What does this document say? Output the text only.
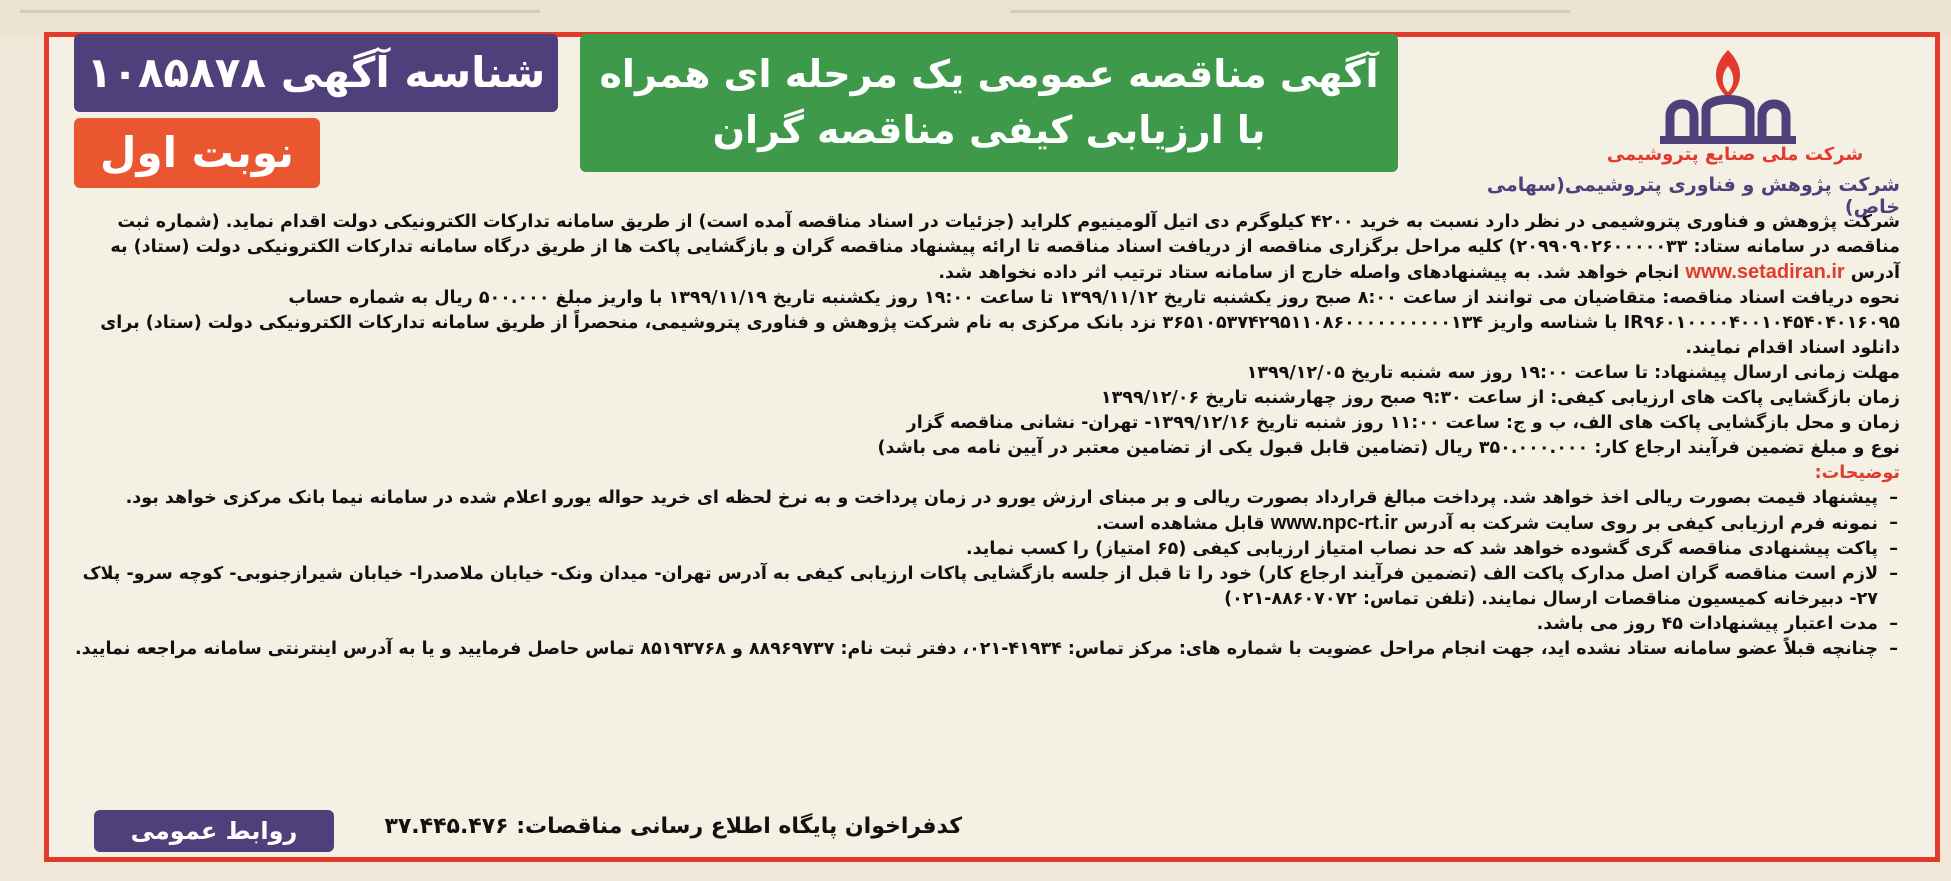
آگهی مناقصه عمومی یک مرحله ای همراه
با ارزیابی کیفی مناقصه گران
شناسه آگهی ۱۰۸۵۸۷۸
نوبت اول	شرکت ملی صنایع پتروشیمی
شرکت پژوهش و فناوری پتروشیمی(سهامی خاص)

شرکت پژوهش و فناوری پتروشیمی در نظر دارد نسبت به خرید ۴۲۰۰ کیلوگرم دی اتیل آلومینیوم کلراید (جزئیات در اسناد مناقصه آمده است) از طریق سامانه تدارکات الکترونیکی دولت اقدام نماید. (شماره ثبت مناقصه در سامانه ستاد: ۲۰۹۹۰۹۰۲۶۰۰۰۰۰۳۳) کلیه مراحل برگزاری مناقصه از دریافت اسناد مناقصه تا ارائه پیشنهاد مناقصه گران و بازگشایی پاکت ها از طریق درگاه سامانه تدارکات الکترونیکی دولت (ستاد) به آدرس www.setadiran.ir انجام خواهد شد. به پیشنهادهای واصله خارج از سامانه ستاد ترتیب اثر داده نخواهد شد.

نحوه دریافت اسناد مناقصه: متقاضیان می توانند از ساعت ۸:۰۰ صبح روز یکشنبه تاریخ ۱۳۹۹/۱۱/۱۲ تا ساعت ۱۹:۰۰ روز یکشنبه تاریخ ۱۳۹۹/۱۱/۱۹ با واریز مبلغ ۵۰۰.۰۰۰ ریال به شماره حساب IR۹۶۰۱۰۰۰۰۴۰۰۱۰۴۵۴۰۴۰۱۶۰۹۵ با شناسه واریز ۳۶۵۱۰۵۳۷۴۲۹۵۱۱۰۸۶۰۰۰۰۰۰۰۰۰۰۱۳۴ نزد بانک مرکزی به نام شرکت پژوهش و فناوری پتروشیمی، منحصراً از طریق سامانه تدارکات الکترونیکی دولت (ستاد) برای دانلود اسناد اقدام نمایند.

مهلت زمانی ارسال پیشنهاد: تا ساعت ۱۹:۰۰ روز سه شنبه تاریخ ۱۳۹۹/۱۲/۰۵

زمان بازگشایی پاکت های ارزیابی کیفی: از ساعت ۹:۳۰ صبح روز چهارشنبه تاریخ ۱۳۹۹/۱۲/۰۶

زمان و محل بازگشایی پاکت های الف، ب و ج: ساعت ۱۱:۰۰ روز شنبه تاریخ ۱۳۹۹/۱۲/۱۶- تهران- نشانی مناقصه گزار

نوع و مبلغ تضمین فرآیند ارجاع کار: ۳۵۰.۰۰۰.۰۰۰ ریال (تضامین قابل قبول یکی از تضامین معتبر در آیین نامه می باشد)

توضیحات:

– پیشنهاد قیمت بصورت ریالی اخذ خواهد شد. پرداخت مبالغ قرارداد بصورت ریالی و بر مبنای ارزش یورو در زمان پرداخت و به نرخ لحظه ای خرید حواله یورو اعلام شده در سامانه نیما بانک مرکزی خواهد بود.
– نمونه فرم ارزیابی کیفی بر روی سایت شرکت به آدرس www.npc-rt.ir قابل مشاهده است.
– پاکت پیشنهادی مناقصه گری گشوده خواهد شد که حد نصاب امتیاز ارزیابی کیفی (۶۵ امتیاز) را کسب نماید.
– لازم است مناقصه گران اصل مدارک پاکت الف (تضمین فرآیند ارجاع کار) خود را تا قبل از جلسه بازگشایی پاکات ارزیابی کیفی به آدرس تهران- میدان ونک- خیابان ملاصدرا- خیابان شیرازجنوبی- کوچه سرو- پلاک ۲۷- دبیرخانه کمیسیون مناقصات ارسال نمایند. (تلفن تماس: ۸۸۶۰۷۰۷۲-۰۲۱)
– مدت اعتبار پیشنهادات ۴۵ روز می باشد.
– چنانچه قبلاً عضو سامانه ستاد نشده اید، جهت انجام مراحل عضویت با شماره های: مرکز تماس: ۴۱۹۳۴-۰۲۱، دفتر ثبت نام: ۸۸۹۶۹۷۳۷ و ۸۵۱۹۳۷۶۸ تماس حاصل فرمایید و یا به آدرس اینترنتی سامانه مراجعه نمایید.
روابط عمومی	کدفراخوان پایگاه اطلاع رسانی مناقصات: ۳۷.۴۴۵.۴۷۶
